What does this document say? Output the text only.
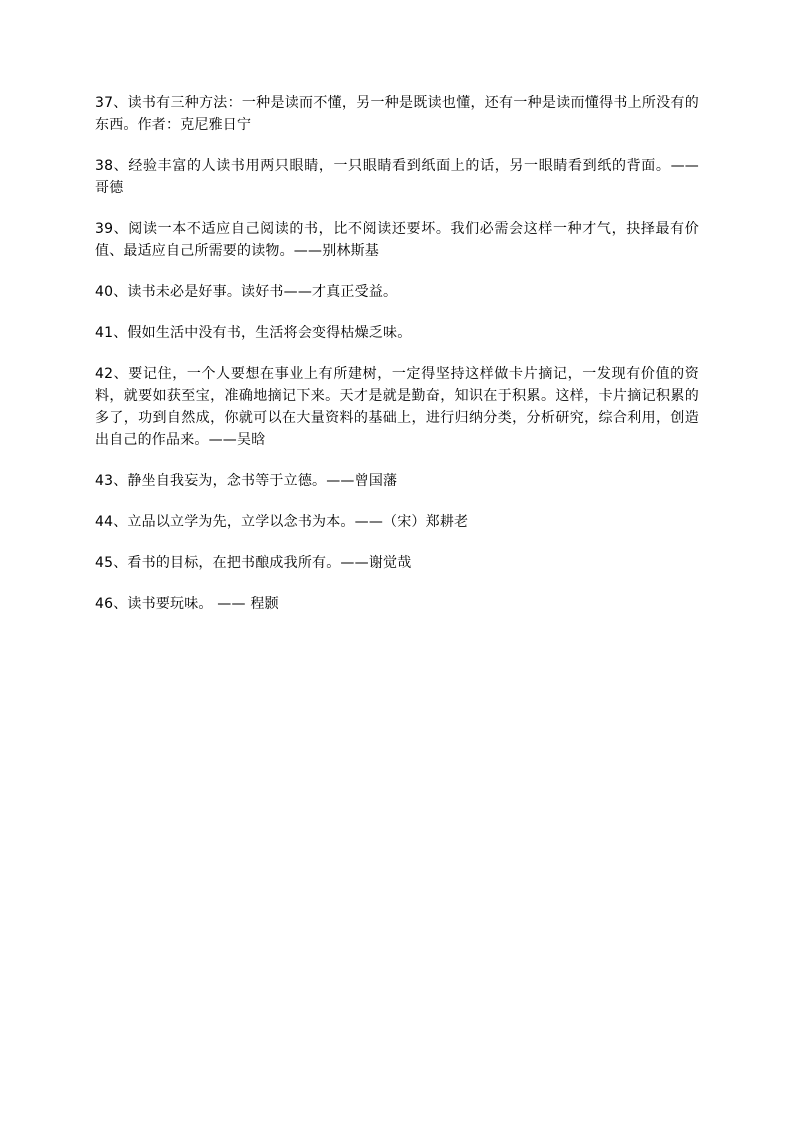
37、读书有三种方法：一种是读而不懂，另一种是既读也懂，还有一种是读而懂得书上所没有的东西。作者：克尼雅日宁

38、经验丰富的人读书用两只眼睛，一只眼睛看到纸面上的话，另一眼睛看到纸的背面。—— 哥德

39、阅读一本不适应自己阅读的书，比不阅读还要坏。我们必需会这样一种才气，抉择最有价值、最适应自己所需要的读物。——别林斯基

40、读书未必是好事。读好书——才真正受益。

41、假如生活中没有书，生活将会变得枯燥乏味。

42、要记住，一个人要想在事业上有所建树，一定得坚持这样做卡片摘记，一发现有价值的资料，就要如获至宝，准确地摘记下来。天才是就是勤奋，知识在于积累。这样，卡片摘记积累的多了，功到自然成，你就可以在大量资料的基础上，进行归纳分类，分析研究，综合利用，创造出自己的作品来。——吴晗

43、静坐自我妄为，念书等于立德。——曾国藩

44、立品以立学为先，立学以念书为本。——（宋）郑耕老

45、看书的目标，在把书酿成我所有。——谢觉哉

46、读书要玩味。 —— 程颢
